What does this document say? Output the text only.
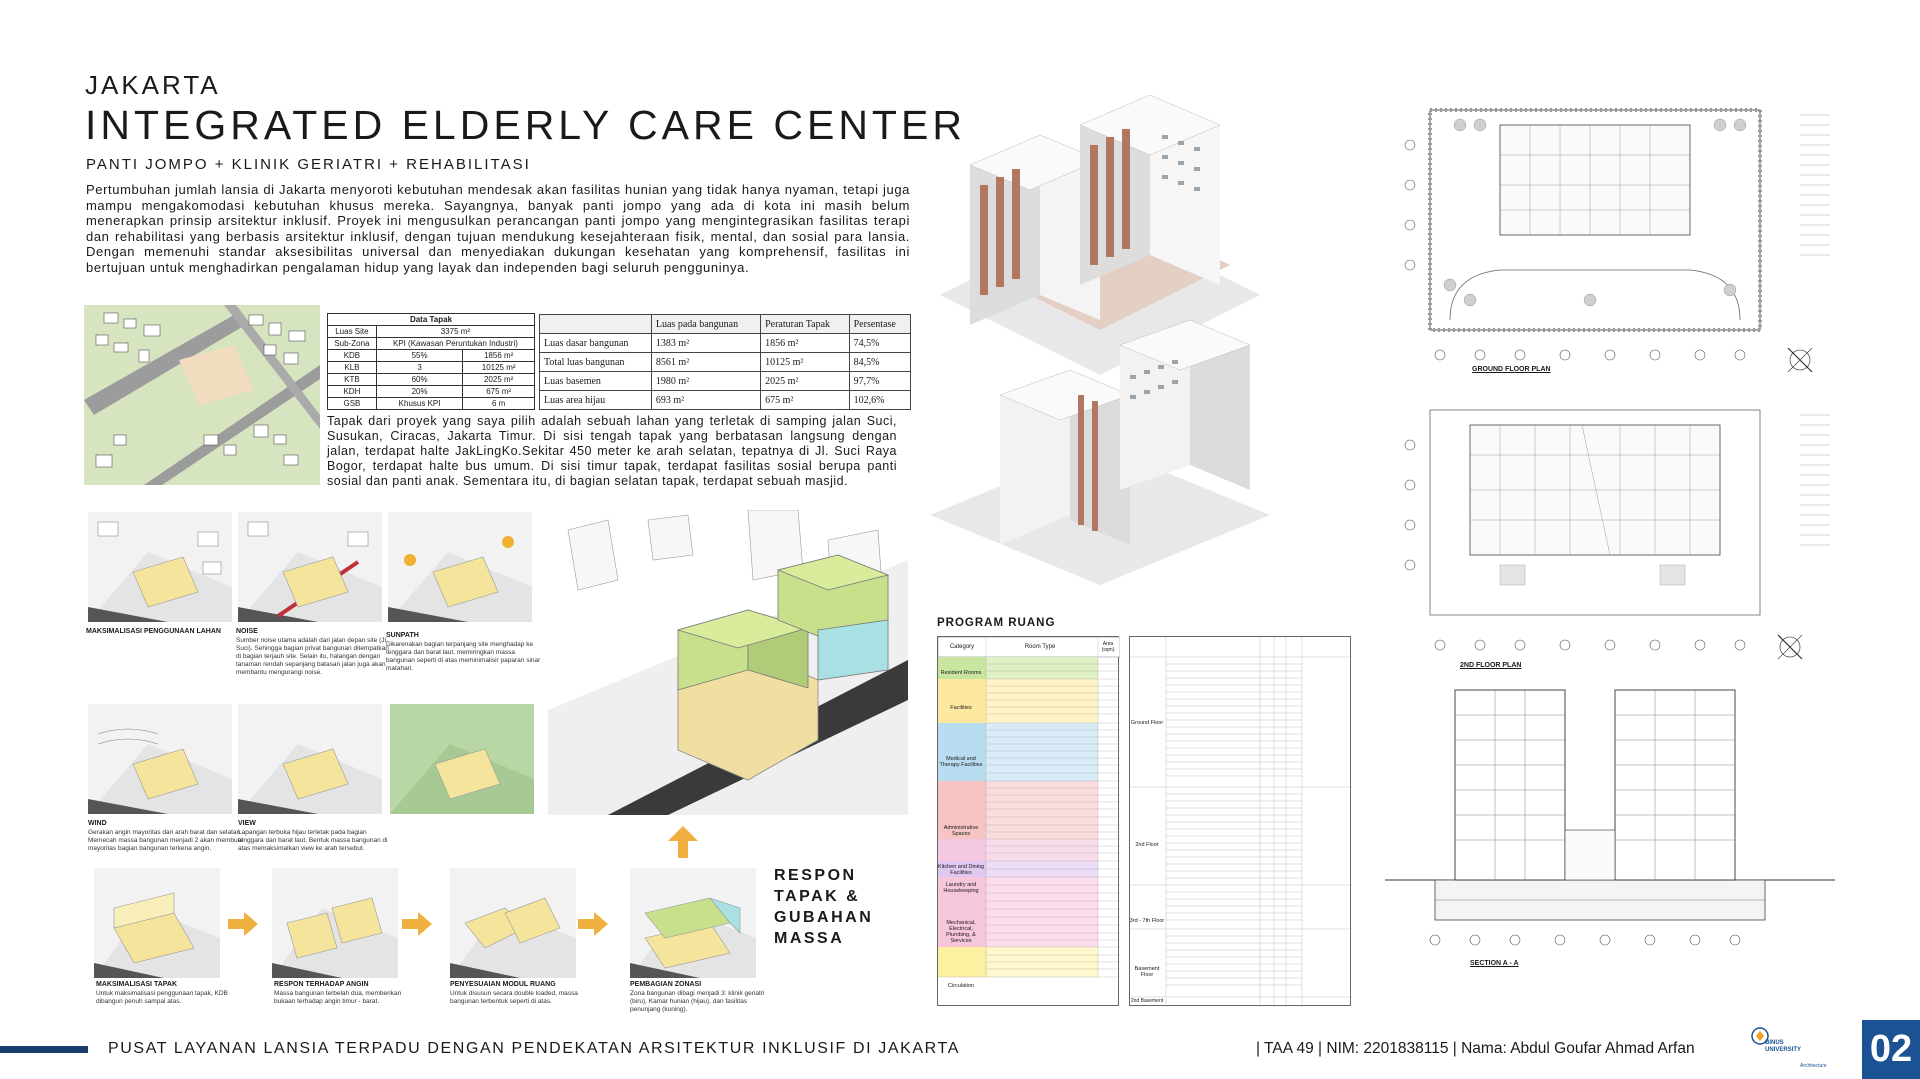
JAKARTA
INTEGRATED ELDERLY CARE CENTER
PANTI JOMPO + KLINIK GERIATRI + REHABILITASI
Pertumbuhan jumlah lansia di Jakarta menyoroti kebutuhan mendesak akan fasilitas hunian yang tidak hanya nyaman, tetapi juga mampu mengakomodasi kebutuhan khusus mereka. Sayangnya, banyak panti jompo yang ada di kota ini masih belum menerapkan prinsip arsitektur inklusif. Proyek ini mengusulkan perancangan panti jompo yang mengintegrasikan fasilitas terapi dan rehabilitasi yang berbasis arsitektur inklusif, dengan tujuan mendukung kesejahteraan fisik, mental, dan sosial para lansia. Dengan memenuhi standar aksesibilitas universal dan menyediakan dukungan kesehatan yang komprehensif, fasilitas ini bertujuan untuk menghadirkan pengalaman hidup yang layak dan independen bagi seluruh pengguninya.
Data Tapak		
Luas Site	3375 m²	
Sub-Zona	KPI (Kawasan Peruntukan Industri)	
KDB	55%	1856 m²
KLB	3	10125 m²
KTB	60%	2025 m²
KDH	20%	675 m²
GSB	Khusus KPI	6 m
	Luas pada bangunan	Peraturan Tapak	Persentase
Luas dasar bangunan	1383 m²	1856 m²	74,5%
Total luas bangunan	8561 m²	10125 m²	84,5%
Luas basemen	1980 m²	2025 m²	97,7%
Luas area hijau	693 m²	675 m²	102,6%
Tapak dari proyek yang saya pilih adalah sebuah lahan yang terletak di samping jalan Suci, Susukan, Ciracas, Jakarta Timur. Di sisi tengah tapak yang berbatasan langsung dengan jalan, terdapat halte JakLingKo.Sekitar 450 meter ke arah selatan, tepatnya di Jl. Suci Raya Bogor, terdapat halte bus umum. Di sisi timur tapak, terdapat fasilitas sosial berupa panti sosial dan panti anak. Sementara itu, di bagian selatan tapak, terdapat sebuah masjid.
MAKSIMALISASI PENGGUNAAN LAHAN NOISE
Sumber noise utama adalah dari jalan depan site (Jl. Suci). Sehingga bagian privat bangunan ditempatkan di bagian terjauh site. Selain itu, halangan dengan tanaman rendah sepanjang batasan jalan juga akan membantu mengurangi noise.
SUNPATH
Dikarenakan bagian terpanjang site menghadap ke tenggara dan barat laut, memiringkan massa bangunan seperti di atas meminimalisir paparan sinar matahari.
WIND
Gerakan angin mayoritas dari arah barat dan selatan. Memecah massa bangunan menjadi 2 akan membuat mayoritas bagian bangunan terkena angin.
VIEW
Lapangan terbuka hijau terletak pada bagian tenggara dan barat laut. Bentuk massa bangunan di atas memaksimalkan view ke arah tersebut.
MAKSIMALISASI TAPAK
Untuk maksimalisasi penggunaan tapak, KDB dibangun penuh sampai atas.
RESPON TERHADAP ANGIN
Massa bangunan terbelah dua, memberikan bukaan terhadap angin timur - barat.
PENYESUAIAN MODUL RUANG
Untuk disusun secara double loaded, massa bangunan terbentuk seperti di atas.
PEMBAGIAN ZONASI
Zona bangunan dibagi menjadi 3: klinik geriatri (biru), Kamar hunian (hijau), dan fasilitas penunjang (kuning).
RESPON
TAPAK &
GUBAHAN
MASSA
PROGRAM RUANG
Category	Room Type	Area (sqm)
Resident Rooms
Facilities
Medical and Therapy Facilities
Administrative Spaces
Kitchen and Dining Facilities
Laundry and Housekeeping
Mechanical, Electrical, Plumbing, & Services
Circulation
Ground Floor
2nd Floor
3rd - 7th Floor
Basement Floor
2nd Basement
GROUND FLOOR PLAN
2ND FLOOR PLAN
SECTION A - A
PUSAT LAYANAN LANSIA TERPADU DENGAN PENDEKATAN ARSITEKTUR INKLUSIF DI JAKARTA	| TAA 49 | NIM: 2201838115 | Nama: Abdul Goufar Ahmad Arfan	BINUS UNIVERSITY
Architecture 02
